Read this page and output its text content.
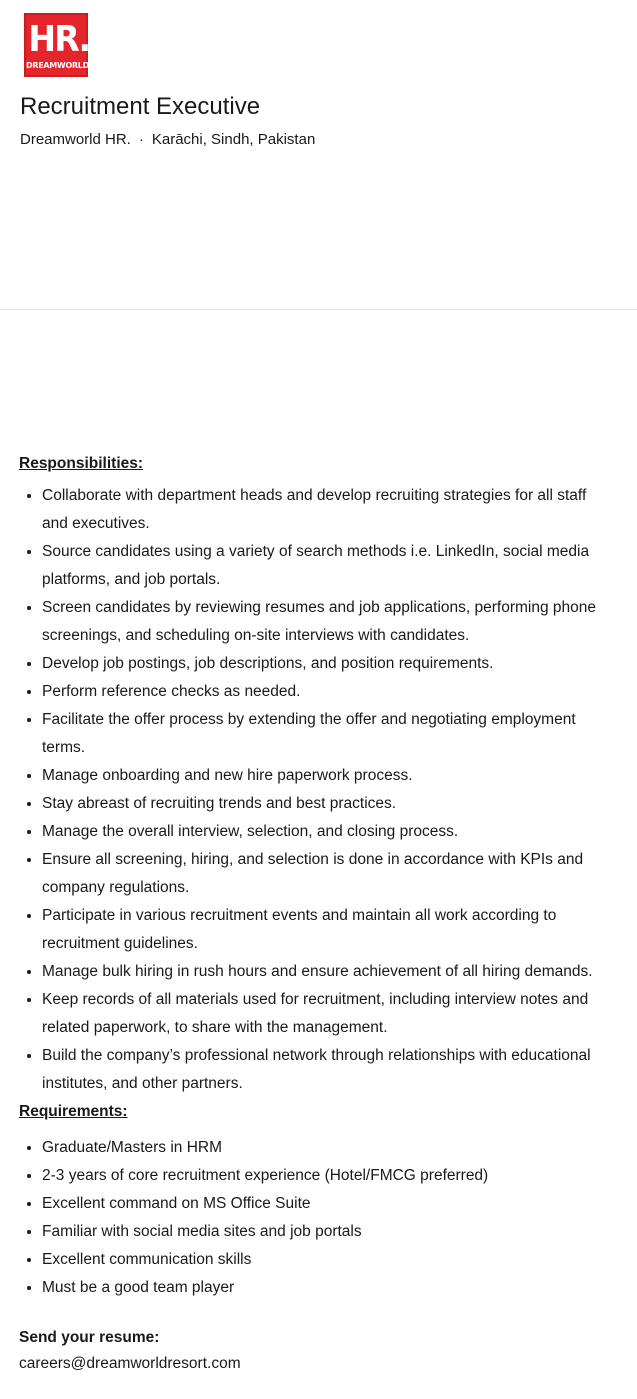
HR.
DREAMWORLD
Recruitment Executive
Dreamworld HR. · Karāchi, Sindh, Pakistan
Responsibilities:
• Collaborate with department heads and develop recruiting strategies for all staff and executives.
• Source candidates using a variety of search methods i.e. LinkedIn, social media platforms, and job portals.
• Screen candidates by reviewing resumes and job applications, performing phone screenings, and scheduling on-site interviews with candidates.
• Develop job postings, job descriptions, and position requirements.
• Perform reference checks as needed.
• Facilitate the offer process by extending the offer and negotiating employment terms.
• Manage onboarding and new hire paperwork process.
• Stay abreast of recruiting trends and best practices.
• Manage the overall interview, selection, and closing process.
• Ensure all screening, hiring, and selection is done in accordance with KPIs and company regulations.
• Participate in various recruitment events and maintain all work according to recruitment guidelines.
• Manage bulk hiring in rush hours and ensure achievement of all hiring demands.
• Keep records of all materials used for recruitment, including interview notes and related paperwork, to share with the management.
• Build the company’s professional network through relationships with educational institutes, and other partners.
Requirements:
• Graduate/Masters in HRM
• 2-3 years of core recruitment experience (Hotel/FMCG preferred)
• Excellent command on MS Office Suite
• Familiar with social media sites and job portals
• Excellent communication skills
• Must be a good team player
Send your resume:
careers@dreamworldresort.com
